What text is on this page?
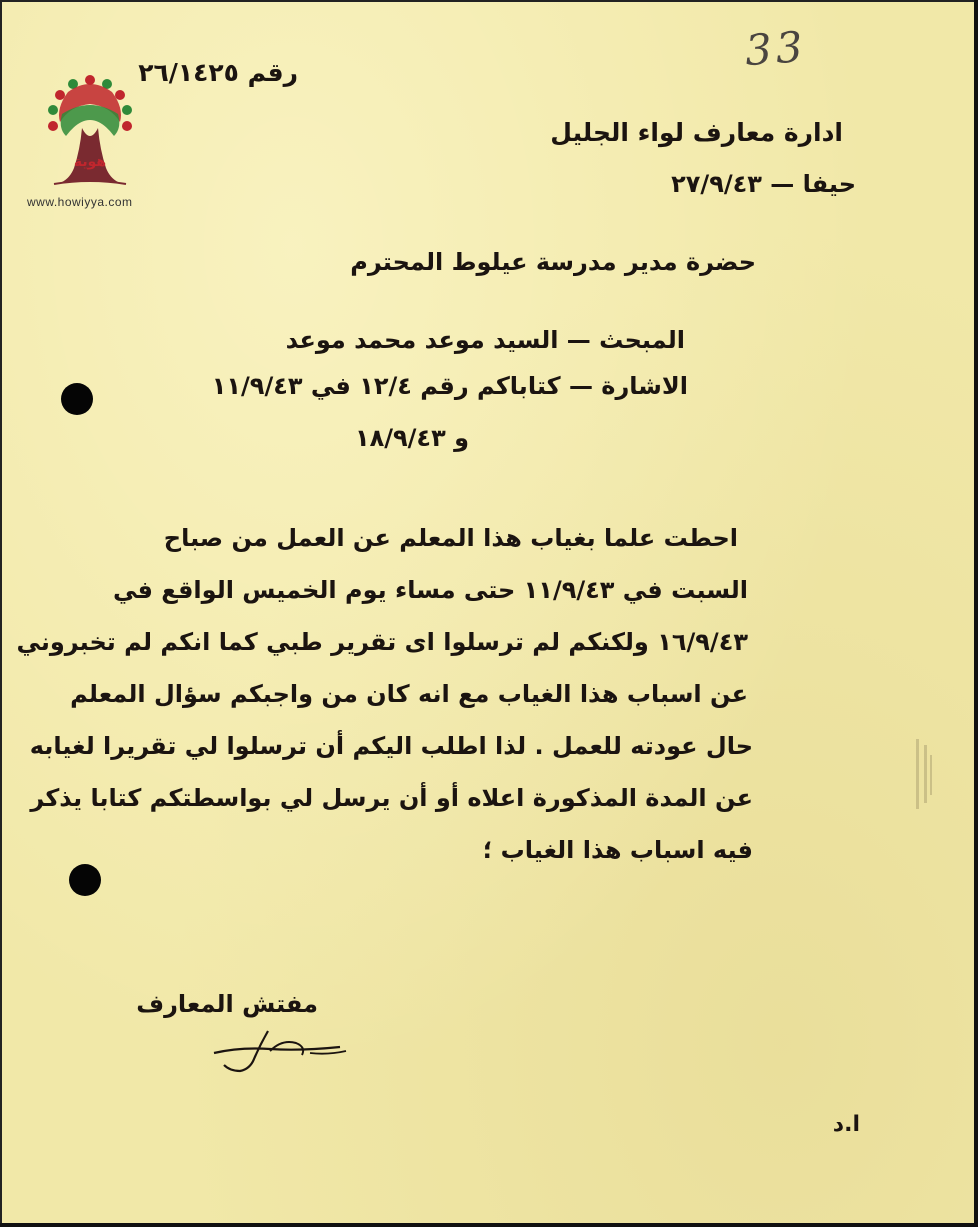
هوية
www.howiyya.com
33
رقم ٢٦/١٤٢٥
ادارة معارف لواء الجليل
حيفا — ٢٧/٩/٤٣
حضرة مدير مدرسة عيلوط المحترم
المبحث — السيد موعد محمد موعد
الاشارة — كتاباكم رقم ١٢/٤ في ١١/٩/٤٣
و ١٨/٩/٤٣
احطت علما بغياب هذا المعلم عن العمل من صباح
السبت في ١١/٩/٤٣ حتى مساء يوم الخميس الواقع في
١٦/٩/٤٣ ولكنكم لم ترسلوا اى تقرير طبي كما انكم لم تخبروني
عن اسباب هذا الغياب مع انه كان من واجبكم سؤال المعلم
حال عودته للعمل . لذا اطلب اليكم أن ترسلوا لي تقريرا لغيابه
عن المدة المذكورة اعلاه أو أن يرسل لي بواسطتكم كتابا يذكر
فيه اسباب هذا الغياب ؛
مفتش المعارف
ا.د
